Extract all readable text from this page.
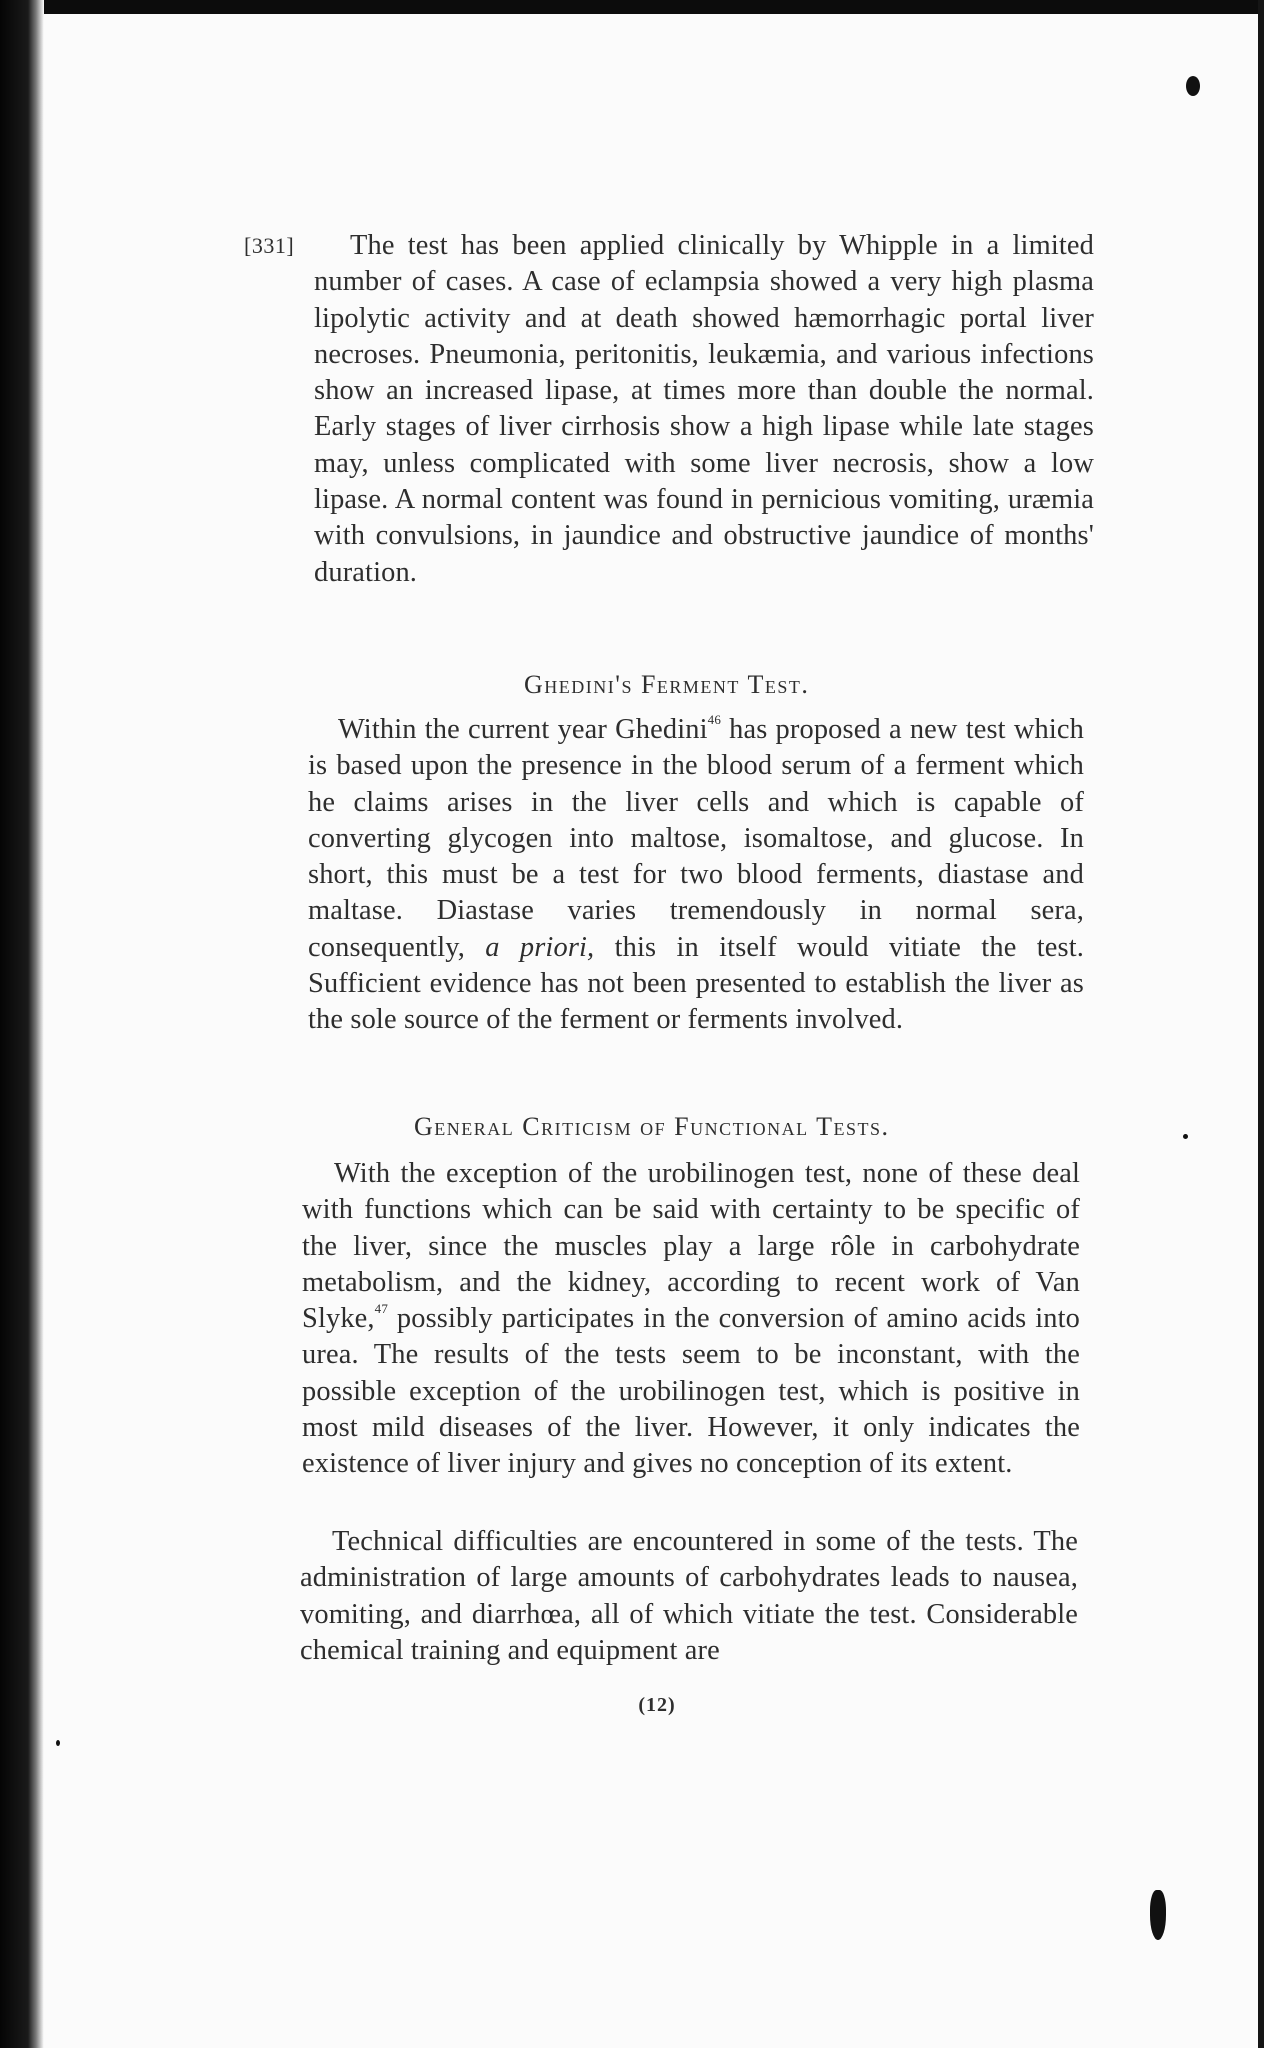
[331]	The test has been applied clinically by Whipple in a limited number of cases. A case of eclampsia showed a very high plasma lipolytic activity and at death showed hæmorrhagic portal liver necroses. Pneumonia, peritonitis, leukæmia, and various infections show an increased lipase, at times more than double the normal. Early stages of liver cirrhosis show a high lipase while late stages may, unless complicated with some liver necrosis, show a low lipase. A normal content was found in pernicious vomiting, uræmia with convulsions, in jaundice and obstructive jaundice of months' duration.
Ghedini's Ferment Test.
Within the current year Ghedini$^{46}$ has proposed a new test which is based upon the presence in the blood serum of a ferment which he claims arises in the liver cells and which is capable of converting glycogen into maltose, isomaltose, and glucose. In short, this must be a test for two blood ferments, diastase and maltase. Diastase varies tremendously in normal sera, consequently, a priori, this in itself would vitiate the test. Sufficient evidence has not been presented to establish the liver as the sole source of the ferment or ferments involved.
General Criticism of Functional Tests.
With the exception of the urobilinogen test, none of these deal with functions which can be said with certainty to be specific of the liver, since the muscles play a large rôle in carbohydrate metabolism, and the kidney, according to recent work of Van Slyke,$^{47}$ possibly participates in the conversion of amino acids into urea. The results of the tests seem to be inconstant, with the possible exception of the urobilinogen test, which is positive in most mild diseases of the liver. However, it only indicates the existence of liver injury and gives no conception of its extent.
Technical difficulties are encountered in some of the tests. The administration of large amounts of carbohydrates leads to nausea, vomiting, and diarrhœa, all of which vitiate the test. Considerable chemical training and equipment are
(12)
